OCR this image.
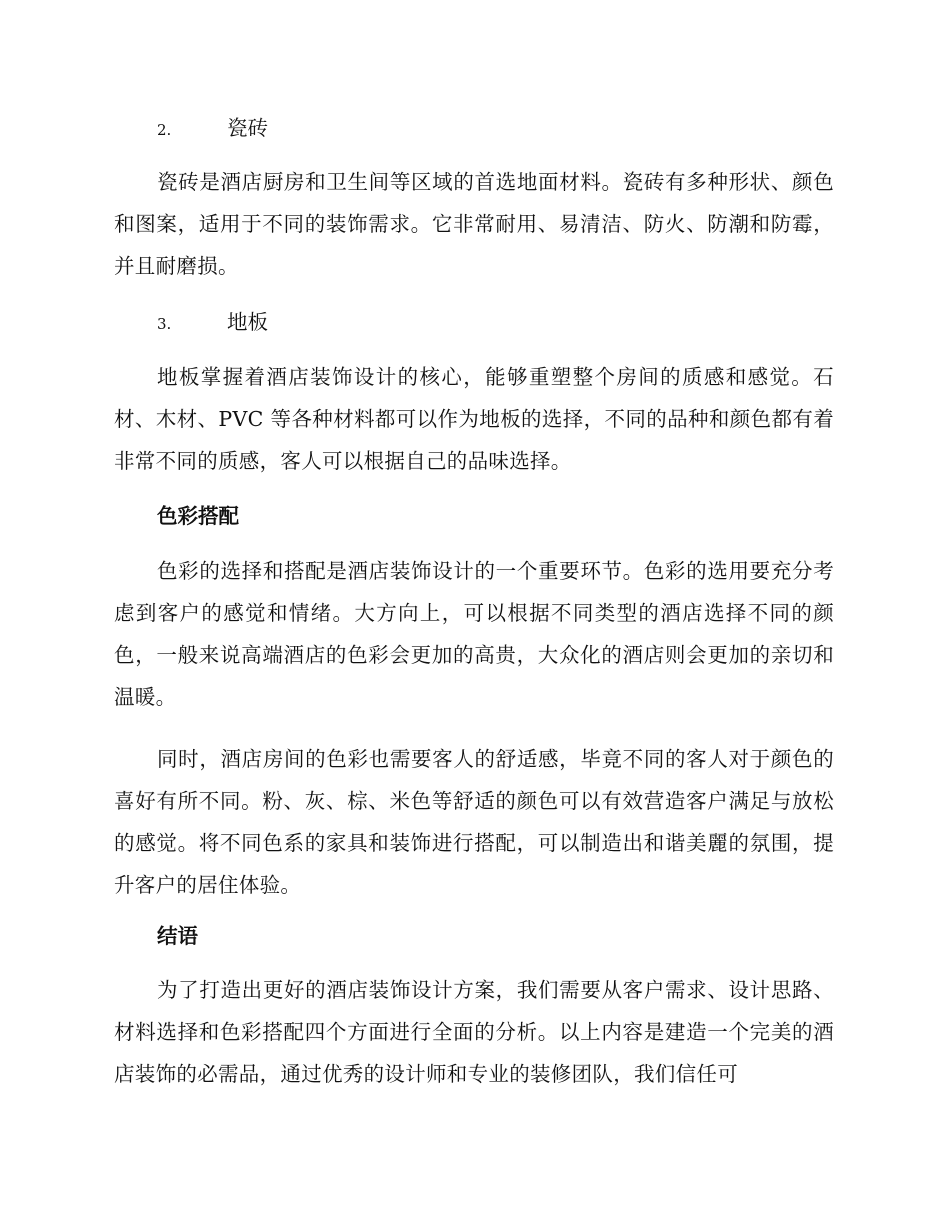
2.	瓷砖

瓷砖是酒店厨房和卫生间等区域的首选地面材料。瓷砖有多种形状、颜色和图案，适用于不同的装饰需求。它非常耐用、易清洁、防火、防潮和防霉，并且耐磨损。

3.	地板

地板掌握着酒店装饰设计的核心，能够重塑整个房间的质感和感觉。石材、木材、PVC 等各种材料都可以作为地板的选择，不同的品种和颜色都有着非常不同的质感，客人可以根据自己的品味选择。

色彩搭配

色彩的选择和搭配是酒店装饰设计的一个重要环节。色彩的选用要充分考虑到客户的感觉和情绪。大方向上，可以根据不同类型的酒店选择不同的颜色，一般来说高端酒店的色彩会更加的高贵，大众化的酒店则会更加的亲切和温暖。

同时，酒店房间的色彩也需要客人的舒适感，毕竟不同的客人对于颜色的喜好有所不同。粉、灰、棕、米色等舒适的颜色可以有效营造客户满足与放松的感觉。将不同色系的家具和装饰进行搭配，可以制造出和谐美麗的氛围，提升客户的居住体验。

结语

为了打造出更好的酒店装饰设计方案，我们需要从客户需求、设计思路、材料选择和色彩搭配四个方面进行全面的分析。以上内容是建造一个完美的酒店装饰的必需品，通过优秀的设计师和专业的装修团队，我们信任可
